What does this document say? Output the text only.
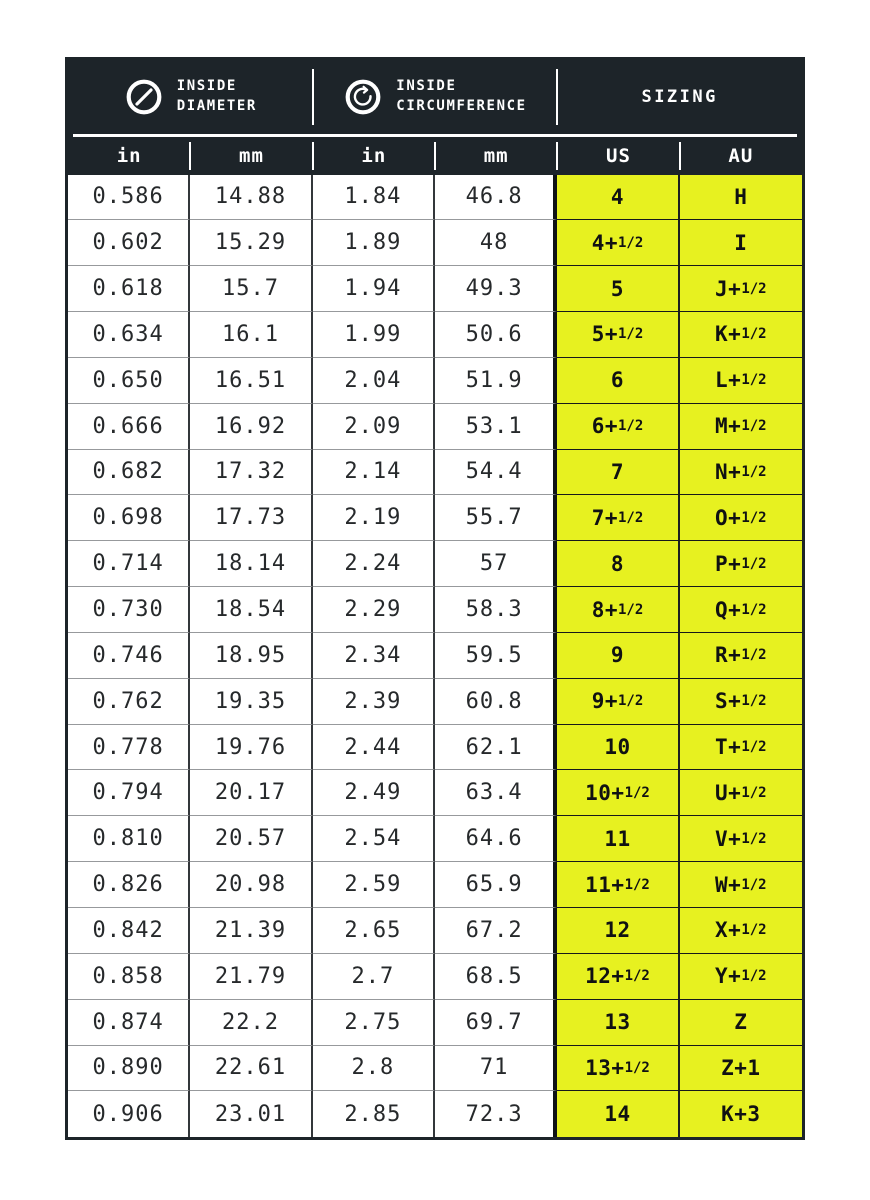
INSIDE
DIAMETER
INSIDE
CIRCUMFERENCE	SIZING
in	mm	in	mm	US	AU
0.586	14.88	1.84	46.8	4	H
0.602	15.29	1.89	48	4+ 1/2	I
0.618	15.7	1.94	49.3	5	J+ 1/2
0.634	16.1	1.99	50.6	5+ 1/2	K+ 1/2
0.650	16.51	2.04	51.9	6	L+ 1/2
0.666	16.92	2.09	53.1	6+ 1/2	M+ 1/2
0.682	17.32	2.14	54.4	7	N+ 1/2
0.698	17.73	2.19	55.7	7+ 1/2	O+ 1/2
0.714	18.14	2.24	57	8	P+ 1/2
0.730	18.54	2.29	58.3	8+ 1/2	Q+ 1/2
0.746	18.95	2.34	59.5	9	R+ 1/2
0.762	19.35	2.39	60.8	9+ 1/2	S+ 1/2
0.778	19.76	2.44	62.1	10	T+ 1/2
0.794	20.17	2.49	63.4	10+ 1/2	U+ 1/2
0.810	20.57	2.54	64.6	11	V+ 1/2
0.826	20.98	2.59	65.9	11+ 1/2	W+ 1/2
0.842	21.39	2.65	67.2	12	X+ 1/2
0.858	21.79	2.7	68.5	12+ 1/2	Y+ 1/2
0.874	22.2	2.75	69.7	13	Z
0.890	22.61	2.8	71	13+ 1/2	Z+1
0.906	23.01	2.85	72.3	14	K+3
